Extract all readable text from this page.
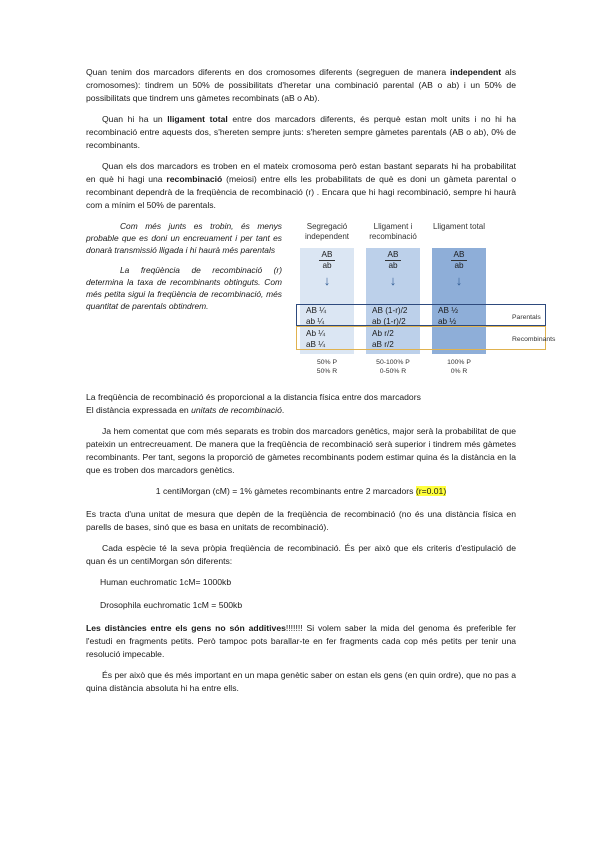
Quan tenim dos marcadors diferents en dos cromosomes diferents (segreguen de manera independent als cromosomes): tindrem un 50% de possibilitats d'heretar una combinació parental (AB o ab) i un 50% de possibilitats que tindrem uns gàmetes recombinats (aB o Ab).

Quan hi ha un lligament total entre dos marcadors diferents, és perquè estan molt units i no hi ha recombinació entre aquests dos, s'hereten sempre junts: s'hereten sempre gàmetes parentals (AB o ab), 0% de recombinants.

Quan els dos marcadors es troben en el mateix cromosoma però estan bastant separats hi ha probabilitat en què hi hagi una recombinació (meiosi) entre ells les probabilitats de què es doni un gàmeta parental o recombinant dependrà de la freqüència de recombinació (r) . Encara que hi hagi recombinació, sempre hi haurà com a mínim el 50% de parentals.

Com més junts es trobin, és menys probable que es doni un encreuament i per tant es donarà transmissió lligada i hi haurà més parentals

La freqüència de recombinació (r) determina la taxa de recombinants obtinguts. Com més petita sigui la freqüència de recombinació, més quantitat de parentals obtindrem.

Segregació independent
Lligament i recombinació
Lligament total
AB
ab
AB
ab
AB
ab
↓	↓	↓
Parentals
Recombinants
AB ¼
ab ¼
Ab ¼
aB ¼
AB (1-r)/2
ab (1-r)/2
Ab r/2
aB r/2
AB ½
ab ½
50% P
50% R
50-100% P
0-50% R
100% P
0% R

La freqüència de recombinació és proporcional a la distancia física entre dos marcadors
El distància expressada en unitats de recombinació.

Ja hem comentat que com més separats es trobin dos marcadors genètics, major serà la probabilitat de que pateixin un entrecreuament. De manera que la freqüència de recombinació serà superior i tindrem més gàmetes recombinants. Per tant, segons la proporció de gàmetes recombinants podem estimar quina és la distància en la que es troben dos marcadors genètics.

1 centiMorgan (cM) = 1% gàmetes recombinants entre 2 marcadors (r=0.01)

Es tracta d'una unitat de mesura que depèn de la freqüència de recombinació (no és una distància física en parells de bases, sinó que es basa en unitats de recombinació).

Cada espècie té la seva pròpia freqüència de recombinació. És per això que els criteris d'estipulació de quan és un centiMorgan són diferents:

Human euchromatic 1cM= 1000kb

Drosophila euchromatic 1cM = 500kb

Les distàncies entre els gens no són additives!!!!!!! Si volem saber la mida del genoma és preferible fer l'estudi en fragments petits. Però tampoc pots barallar-te en fer fragments cada cop més petits per tenir una resolució impecable.

És per això que és més important en un mapa genètic saber on estan els gens (en quin ordre), que no pas a quina distància absoluta hi ha entre ells.
